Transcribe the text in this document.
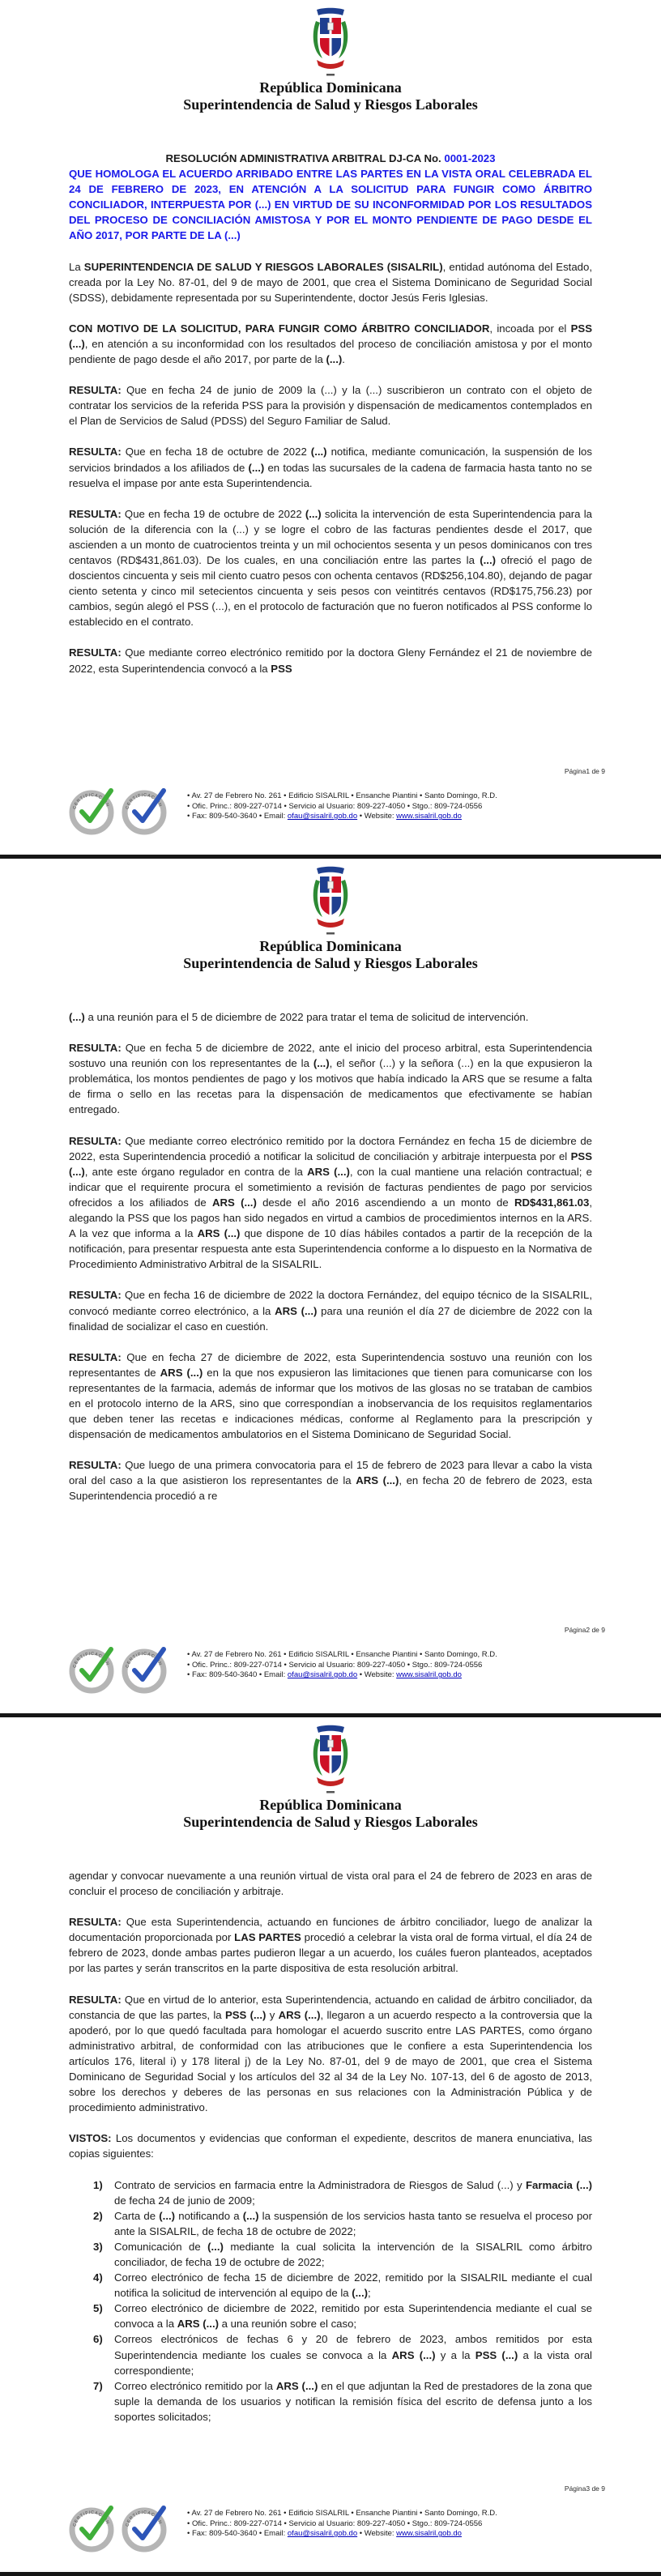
República Dominicana
Superintendencia de Salud y Riesgos Laborales

RESOLUCIÓN ADMINISTRATIVA ARBITRAL DJ-CA No. 0001-2023

QUE HOMOLOGA EL ACUERDO ARRIBADO ENTRE LAS PARTES EN LA VISTA ORAL CELEBRADA EL 24 DE FEBRERO DE 2023, EN ATENCIÓN A LA SOLICITUD PARA FUNGIR COMO ÁRBITRO CONCILIADOR, INTERPUESTA POR (...) EN VIRTUD DE SU INCONFORMIDAD POR LOS RESULTADOS DEL PROCESO DE CONCILIACIÓN AMISTOSA Y POR EL MONTO PENDIENTE DE PAGO DESDE EL AÑO 2017, POR PARTE DE LA (...)

La SUPERINTENDENCIA DE SALUD Y RIESGOS LABORALES (SISALRIL), entidad autónoma del Estado, creada por la Ley No. 87-01, del 9 de mayo de 2001, que crea el Sistema Dominicano de Seguridad Social (SDSS), debidamente representada por su Superintendente, doctor Jesús Feris Iglesias.

CON MOTIVO DE LA SOLICITUD, PARA FUNGIR COMO ÁRBITRO CONCILIADOR, incoada por el PSS (...), en atención a su inconformidad con los resultados del proceso de conciliación amistosa y por el monto pendiente de pago desde el año 2017, por parte de la (...).

RESULTA: Que en fecha 24 de junio de 2009 la (...) y la (...) suscribieron un contrato con el objeto de contratar los servicios de la referida PSS para la provisión y dispensación de medicamentos contemplados en el Plan de Servicios de Salud (PDSS) del Seguro Familiar de Salud.

RESULTA: Que en fecha 18 de octubre de 2022 (...) notifica, mediante comunicación, la suspensión de los servicios brindados a los afiliados de (...) en todas las sucursales de la cadena de farmacia hasta tanto no se resuelva el impase por ante esta Superintendencia.

RESULTA: Que en fecha 19 de octubre de 2022 (...) solicita la intervención de esta Superintendencia para la solución de la diferencia con la (...) y se logre el cobro de las facturas pendientes desde el 2017, que ascienden a un monto de cuatrocientos treinta y un mil ochocientos sesenta y un pesos dominicanos con tres centavos (RD$431,861.03). De los cuales, en una conciliación entre las partes la (...) ofreció el pago de doscientos cincuenta y seis mil ciento cuatro pesos con ochenta centavos (RD$256,104.80), dejando de pagar ciento setenta y cinco mil setecientos cincuenta y seis pesos con veintitrés centavos (RD$175,756.23) por cambios, según alegó el PSS (...), en el protocolo de facturación que no fueron notificados al PSS conforme lo establecido en el contrato.

RESULTA: Que mediante correo electrónico remitido por la doctora Gleny Fernández el 21 de noviembre de 2022, esta Superintendencia convocó a la PSS

Página1 de 9
CERTIFICACIÓN
ISO 9001
CERTIFICACIÓN
ISO 27001
• Av. 27 de Febrero No. 261 • Edificio SISALRIL • Ensanche Piantini • Santo Domingo, R.D.
• Ofic. Princ.: 809-227-0714 • Servicio al Usuario: 809-227-4050 • Stgo.: 809-724-0556
• Fax: 809-540-3640 • Email: ofau@sisalril.gob.do • Website: www.sisalril.gob.do
República Dominicana
Superintendencia de Salud y Riesgos Laborales

(...) a una reunión para el 5 de diciembre de 2022 para tratar el tema de solicitud de intervención.

RESULTA: Que en fecha 5 de diciembre de 2022, ante el inicio del proceso arbitral, esta Superintendencia sostuvo una reunión con los representantes de la (...), el señor (...) y la señora (...) en la que expusieron la problemática, los montos pendientes de pago y los motivos que había indicado la ARS que se resume a falta de firma o sello en las recetas para la dispensación de medicamentos que efectivamente se habían entregado.

RESULTA: Que mediante correo electrónico remitido por la doctora Fernández en fecha 15 de diciembre de 2022, esta Superintendencia procedió a notificar la solicitud de conciliación y arbitraje interpuesta por el PSS (...), ante este órgano regulador en contra de la ARS (...), con la cual mantiene una relación contractual; e indicar que el requirente procura el sometimiento a revisión de facturas pendientes de pago por servicios ofrecidos a los afiliados de ARS (...) desde el año 2016 ascendiendo a un monto de RD$431,861.03, alegando la PSS que los pagos han sido negados en virtud a cambios de procedimientos internos en la ARS. A la vez que informa a la ARS (...) que dispone de 10 días hábiles contados a partir de la recepción de la notificación, para presentar respuesta ante esta Superintendencia conforme a lo dispuesto en la Normativa de Procedimiento Administrativo Arbitral de la SISALRIL.

RESULTA: Que en fecha 16 de diciembre de 2022 la doctora Fernández, del equipo técnico de la SISALRIL, convocó mediante correo electrónico, a la ARS (...) para una reunión el día 27 de diciembre de 2022 con la finalidad de socializar el caso en cuestión.

RESULTA: Que en fecha 27 de diciembre de 2022, esta Superintendencia sostuvo una reunión con los representantes de ARS (...) en la que nos expusieron las limitaciones que tienen para comunicarse con los representantes de la farmacia, además de informar que los motivos de las glosas no se trataban de cambios en el protocolo interno de la ARS, sino que correspondían a inobservancia de los requisitos reglamentarios que deben tener las recetas e indicaciones médicas, conforme al Reglamento para la prescripción y dispensación de medicamentos ambulatorios en el Sistema Dominicano de Seguridad Social.

RESULTA: Que luego de una primera convocatoria para el 15 de febrero de 2023 para llevar a cabo la vista oral del caso a la que asistieron los representantes de la ARS (...), en fecha 20 de febrero de 2023, esta Superintendencia procedió a re

Página2 de 9
CERTIFICACIÓN
ISO 9001
CERTIFICACIÓN
ISO 27001
• Av. 27 de Febrero No. 261 • Edificio SISALRIL • Ensanche Piantini • Santo Domingo, R.D.
• Ofic. Princ.: 809-227-0714 • Servicio al Usuario: 809-227-4050 • Stgo.: 809-724-0556
• Fax: 809-540-3640 • Email: ofau@sisalril.gob.do • Website: www.sisalril.gob.do
República Dominicana
Superintendencia de Salud y Riesgos Laborales

agendar y convocar nuevamente a una reunión virtual de vista oral para el 24 de febrero de 2023 en aras de concluir el proceso de conciliación y arbitraje.

RESULTA: Que esta Superintendencia, actuando en funciones de árbitro conciliador, luego de analizar la documentación proporcionada por LAS PARTES procedió a celebrar la vista oral de forma virtual, el día 24 de febrero de 2023, donde ambas partes pudieron llegar a un acuerdo, los cuáles fueron planteados, aceptados por las partes y serán transcritos en la parte dispositiva de esta resolución arbitral.

RESULTA: Que en virtud de lo anterior, esta Superintendencia, actuando en calidad de árbitro conciliador, da constancia de que las partes, la PSS (...) y ARS (...), llegaron a un acuerdo respecto a la controversia que la apoderó, por lo que quedó facultada para homologar el acuerdo suscrito entre LAS PARTES, como órgano administrativo arbitral, de conformidad con las atribuciones que le confiere a esta Superintendencia los artículos 176, literal i) y 178 literal j) de la Ley No. 87-01, del 9 de mayo de 2001, que crea el Sistema Dominicano de Seguridad Social y los artículos del 32 al 34 de la Ley No. 107-13, del 6 de agosto de 2013, sobre los derechos y deberes de las personas en sus relaciones con la Administración Pública y de procedimiento administrativo.

VISTOS: Los documentos y evidencias que conforman el expediente, descritos de manera enunciativa, las copias siguientes:

1)	Contrato de servicios en farmacia entre la Administradora de Riesgos de Salud (...) y Farmacia (...) de fecha 24 de junio de 2009;
2)	Carta de (...) notificando a (...) la suspensión de los servicios hasta tanto se resuelva el proceso por ante la SISALRIL, de fecha 18 de octubre de 2022;
3)	Comunicación de (...) mediante la cual solicita la intervención de la SISALRIL como árbitro conciliador, de fecha 19 de octubre de 2022;
4)	Correo electrónico de fecha 15 de diciembre de 2022, remitido por la SISALRIL mediante el cual notifica la solicitud de intervención al equipo de la (...);
5)	Correo electrónico de diciembre de 2022, remitido por esta Superintendencia mediante el cual se convoca a la ARS (...) a una reunión sobre el caso;
6)	Correos electrónicos de fechas 6 y 20 de febrero de 2023, ambos remitidos por esta Superintendencia mediante los cuales se convoca a la ARS (...) y a la PSS (...) a la vista oral correspondiente;
7)	Correo electrónico remitido por la ARS (...) en el que adjuntan la Red de prestadores de la zona que suple la demanda de los usuarios y notifican la remisión física del escrito de defensa junto a los soportes solicitados;
Página3 de 9
CERTIFICACIÓN
ISO 9001
CERTIFICACIÓN
ISO 27001
• Av. 27 de Febrero No. 261 • Edificio SISALRIL • Ensanche Piantini • Santo Domingo, R.D.
• Ofic. Princ.: 809-227-0714 • Servicio al Usuario: 809-227-4050 • Stgo.: 809-724-0556
• Fax: 809-540-3640 • Email: ofau@sisalril.gob.do • Website: www.sisalril.gob.do
